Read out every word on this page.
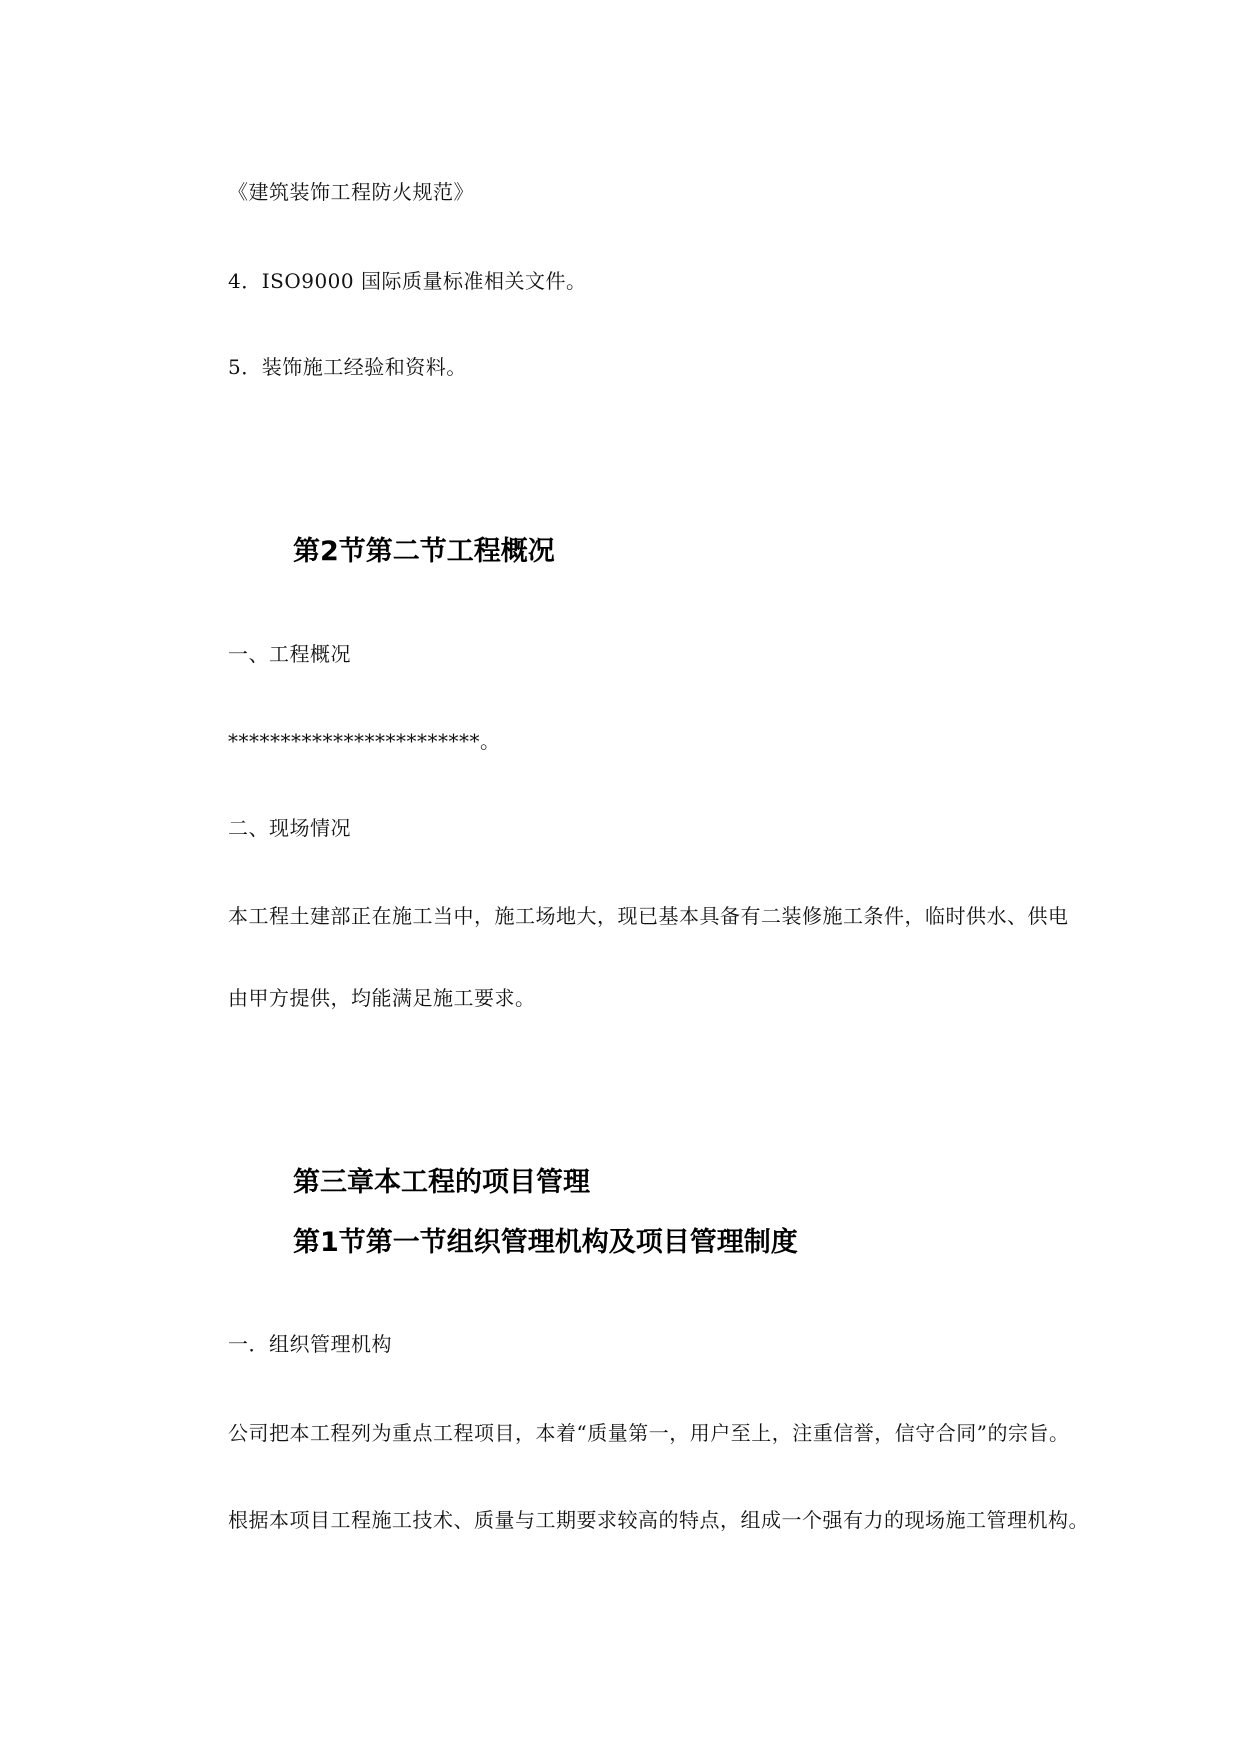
《建筑装饰工程防火规范》
4．ISO9000 国际质量标准相关文件。
5．装饰施工经验和资料。
第2节第二节工程概况
一、工程概况
************************。
二、现场情况
本工程土建部正在施工当中，施工场地大，现已基本具备有二装修施工条件，临时供水、供电
由甲方提供，均能满足施工要求。
第三章本工程的项目管理
第1节第一节组织管理机构及项目管理制度
一．组织管理机构
公司把本工程列为重点工程项目，本着“质量第一，用户至上，注重信誉，信守合同”的宗旨。
根据本项目工程施工技术、质量与工期要求较高的特点，组成一个强有力的现场施工管理机构。
